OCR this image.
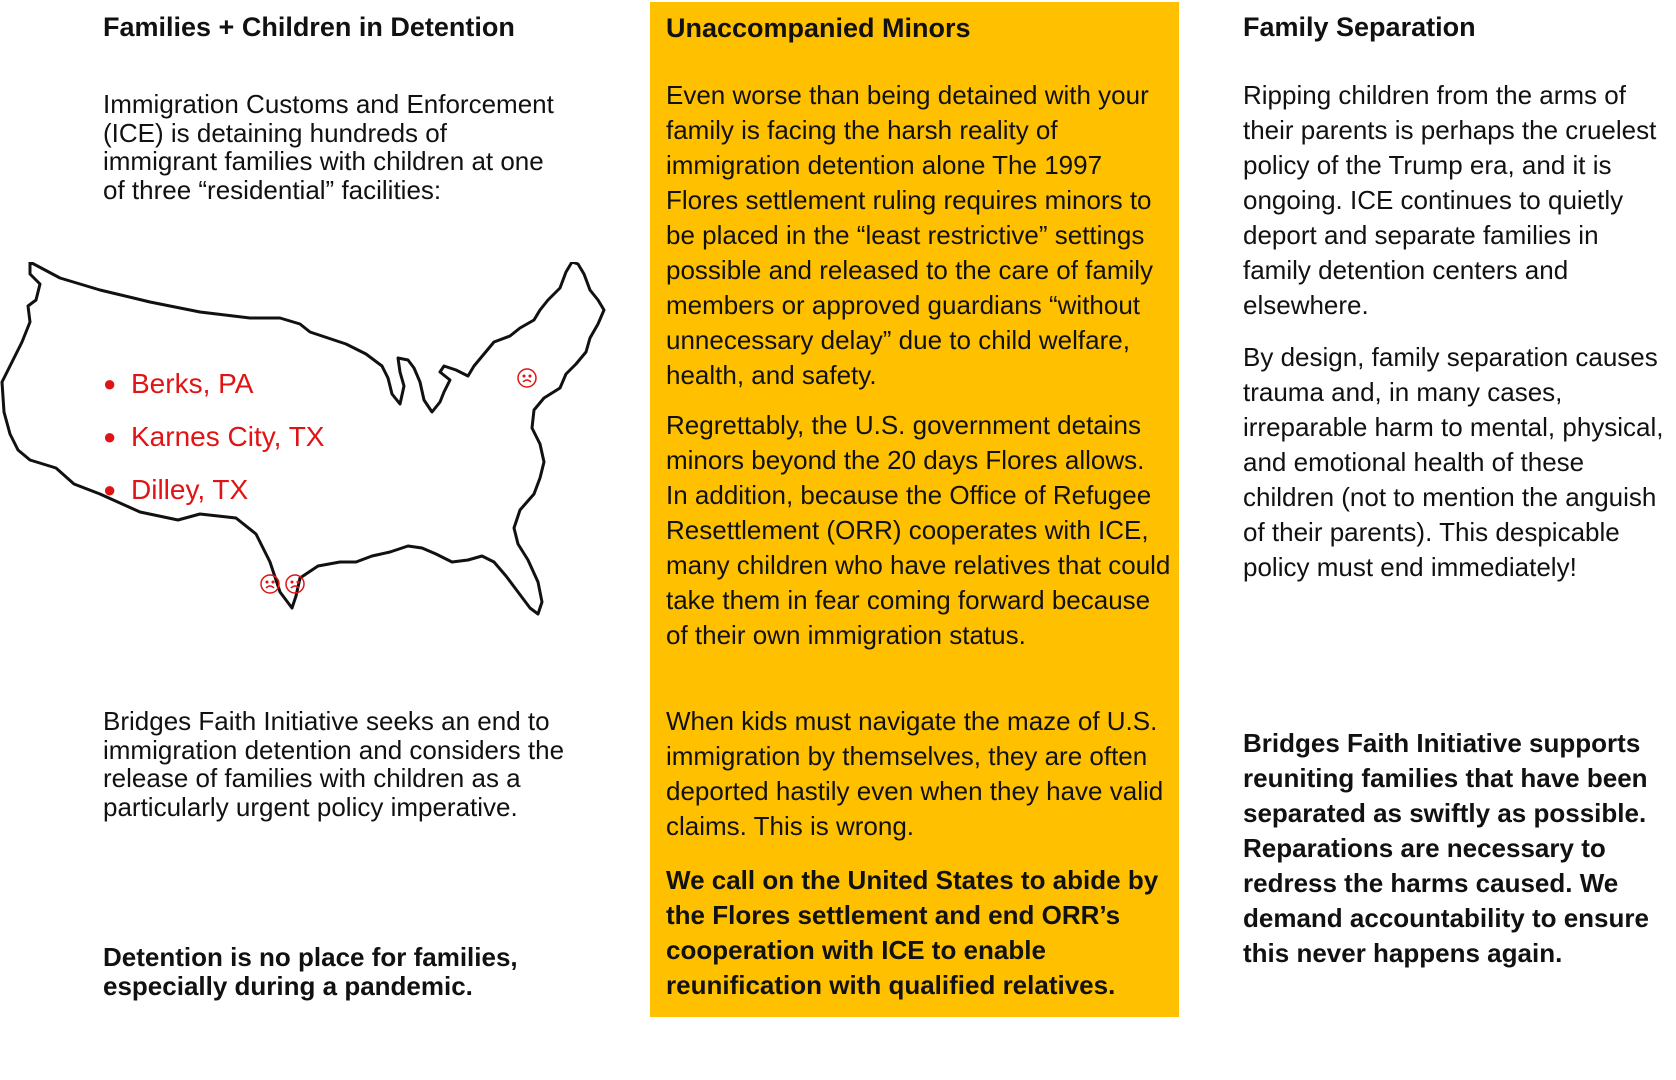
Families + Children in Detention

Immigration Customs and Enforcement (ICE) is detaining hundreds of immigrant families with children at one of three “residential” facilities:

● Berks, PA
● Karnes City, TX
● Dilley, TX

Bridges Faith Initiative seeks an end to immigration detention and considers the release of families with children as a particularly urgent policy imperative.

Detention is no place for families, especially during a pandemic.

Unaccompanied Minors

Even worse than being detained with your family is facing the harsh reality of immigration detention alone The 1997 Flores settlement ruling requires minors to be placed in the “least restrictive” settings possible and released to the care of family members or approved guardians “without unnecessary delay” due to child welfare, health, and safety.

Regrettably, the U.S. government detains minors beyond the 20 days Flores allows. In addition, because the Office of Refugee Resettlement (ORR) cooperates with ICE, many children who have relatives that could take them in fear coming forward because of their own immigration status.

When kids must navigate the maze of U.S. immigration by themselves, they are often deported hastily even when they have valid claims. This is wrong.

We call on the United States to abide by the Flores settlement and end ORR’s cooperation with ICE to enable reunification with qualified relatives.

Family Separation

Ripping children from the arms of their parents is perhaps the cruelest policy of the Trump era, and it is ongoing. ICE continues to quietly deport and separate families in family detention centers and elsewhere.

By design, family separation causes trauma and, in many cases, irreparable harm to mental, physical, and emotional health of these children (not to mention the anguish of their parents). This despicable policy must end immediately!

Bridges Faith Initiative supports reuniting families that have been separated as swiftly as possible. Reparations are necessary to redress the harms caused. We demand accountability to ensure this never happens again.
